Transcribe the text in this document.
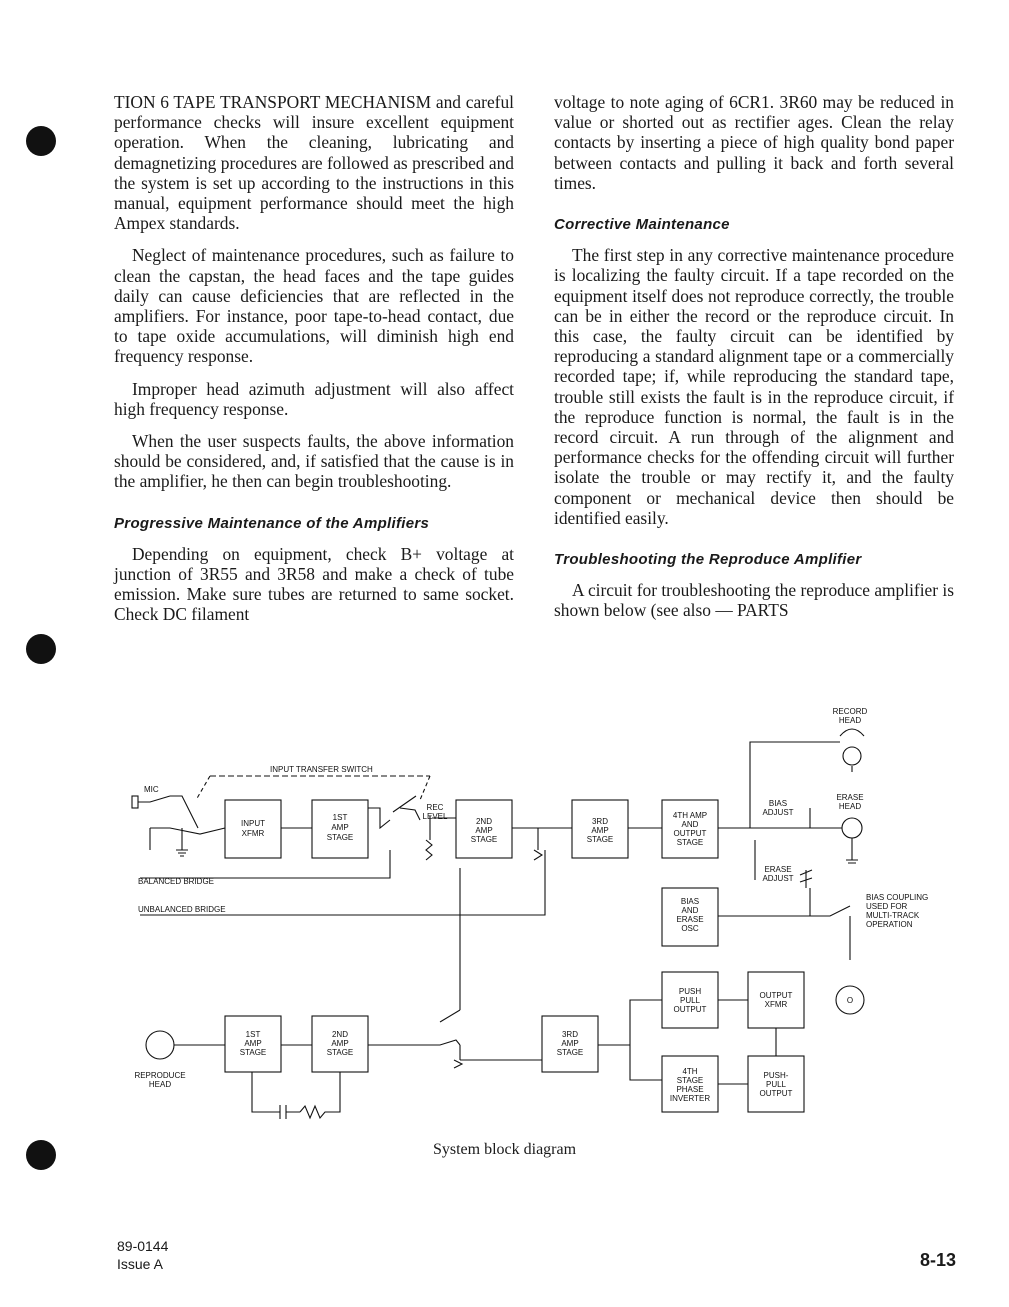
TION 6 TAPE TRANSPORT MECHANISM and careful performance checks will insure excellent equipment operation. When the cleaning, lubricating and demagnetizing procedures are followed as prescribed and the system is set up according to the instructions in this manual, equipment performance should meet the high Ampex standards.

Neglect of maintenance procedures, such as failure to clean the capstan, the head faces and the tape guides daily can cause deficiencies that are reflected in the amplifiers. For instance, poor tape-to-head contact, due to tape oxide accumulations, will diminish high end frequency response.

Improper head azimuth adjustment will also affect high frequency response.

When the user suspects faults, the above information should be considered, and, if satisfied that the cause is in the amplifier, he then can begin troubleshooting.

Progressive Maintenance of the Amplifiers

Depending on equipment, check B+ voltage at junction of 3R55 and 3R58 and make a check of tube emission. Make sure tubes are returned to same socket. Check DC filament

voltage to note aging of 6CR1. 3R60 may be reduced in value or shorted out as rectifier ages. Clean the relay contacts by inserting a piece of high quality bond paper between contacts and pulling it back and forth several times.

Corrective Maintenance

The first step in any corrective maintenance procedure is localizing the faulty circuit. If a tape recorded on the equipment itself does not reproduce correctly, the trouble can be in either the record or the reproduce circuit. In this case, the faulty circuit can be identified by reproducing a standard alignment tape or a commercially recorded tape; if, while reproducing the standard tape, trouble still exists the fault is in the reproduce circuit, if the reproduce function is normal, the fault is in the record circuit. A run through of the alignment and performance checks for the offending circuit will further isolate the trouble or may rectify it, and the faulty component or mechanical device then should be identified easily.

Troubleshooting the Reproduce Amplifier

A circuit for troubleshooting the reproduce amplifier is shown below (see also — PARTS

INPUT TRANSFER SWITCH
MIC
BALANCED BRIDGE
UNBALANCED BRIDGE
INPUT
XFMR
1ST
AMP
STAGE
REC
LEVEL
2ND
AMP
STAGE
3RD
AMP
STAGE
4TH AMP
AND
OUTPUT
STAGE
BIAS
ADJUST
RECORD
HEAD
ERASE
HEAD
ERASE
ADJUST
BIAS
AND
ERASE
OSC
PUSH
PULL
OUTPUT
OUTPUT
XFMR	O
1ST
AMP
STAGE
2ND
AMP
STAGE
3RD
AMP
STAGE
4TH
STAGE
PHASE
INVERTER
PUSH-
PULL
OUTPUT
REPRODUCE
HEAD
BIAS COUPLING
USED FOR
MULTI-TRACK
OPERATION
System block diagram
89-0144
Issue A	8-13
